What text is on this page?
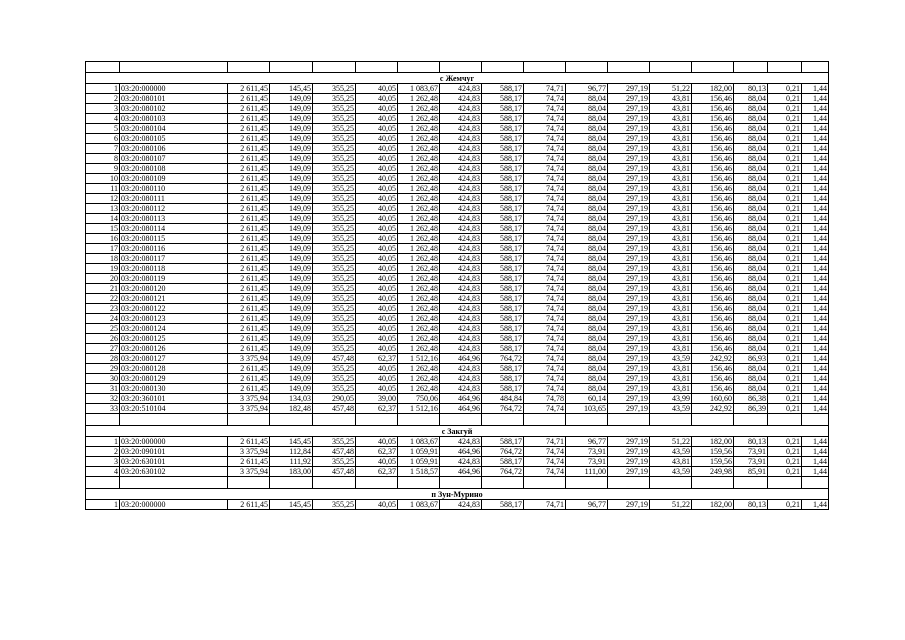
с Жемчуг																
1	03:20:000000	2 611,45	145,45	355,25	40,05	1 083,67	424,83	588,17	74,71	96,77	297,19	51,22	182,00	80,13	0,21	1,44
2	03:20:080101	2 611,45	149,09	355,25	40,05	1 262,48	424,83	588,17	74,74	88,04	297,19	43,81	156,46	88,04	0,21	1,44
3	03:20:080102	2 611,45	149,09	355,25	40,05	1 262,48	424,83	588,17	74,74	88,04	297,19	43,81	156,46	88,04	0,21	1,44
4	03:20:080103	2 611,45	149,09	355,25	40,05	1 262,48	424,83	588,17	74,74	88,04	297,19	43,81	156,46	88,04	0,21	1,44
5	03:20:080104	2 611,45	149,09	355,25	40,05	1 262,48	424,83	588,17	74,74	88,04	297,19	43,81	156,46	88,04	0,21	1,44
6	03:20:080105	2 611,45	149,09	355,25	40,05	1 262,48	424,83	588,17	74,74	88,04	297,19	43,81	156,46	88,04	0,21	1,44
7	03:20:080106	2 611,45	149,09	355,25	40,05	1 262,48	424,83	588,17	74,74	88,04	297,19	43,81	156,46	88,04	0,21	1,44
8	03:20:080107	2 611,45	149,09	355,25	40,05	1 262,48	424,83	588,17	74,74	88,04	297,19	43,81	156,46	88,04	0,21	1,44
9	03:20:080108	2 611,45	149,09	355,25	40,05	1 262,48	424,83	588,17	74,74	88,04	297,19	43,81	156,46	88,04	0,21	1,44
10	03:20:080109	2 611,45	149,09	355,25	40,05	1 262,48	424,83	588,17	74,74	88,04	297,19	43,81	156,46	88,04	0,21	1,44
11	03:20:080110	2 611,45	149,09	355,25	40,05	1 262,48	424,83	588,17	74,74	88,04	297,19	43,81	156,46	88,04	0,21	1,44
12	03:20:080111	2 611,45	149,09	355,25	40,05	1 262,48	424,83	588,17	74,74	88,04	297,19	43,81	156,46	88,04	0,21	1,44
13	03:20:080112	2 611,45	149,09	355,25	40,05	1 262,48	424,83	588,17	74,74	88,04	297,19	43,81	156,46	88,04	0,21	1,44
14	03:20:080113	2 611,45	149,09	355,25	40,05	1 262,48	424,83	588,17	74,74	88,04	297,19	43,81	156,46	88,04	0,21	1,44
15	03:20:080114	2 611,45	149,09	355,25	40,05	1 262,48	424,83	588,17	74,74	88,04	297,19	43,81	156,46	88,04	0,21	1,44
16	03:20:080115	2 611,45	149,09	355,25	40,05	1 262,48	424,83	588,17	74,74	88,04	297,19	43,81	156,46	88,04	0,21	1,44
17	03:20:080116	2 611,45	149,09	355,25	40,05	1 262,48	424,83	588,17	74,74	88,04	297,19	43,81	156,46	88,04	0,21	1,44
18	03:20:080117	2 611,45	149,09	355,25	40,05	1 262,48	424,83	588,17	74,74	88,04	297,19	43,81	156,46	88,04	0,21	1,44
19	03:20:080118	2 611,45	149,09	355,25	40,05	1 262,48	424,83	588,17	74,74	88,04	297,19	43,81	156,46	88,04	0,21	1,44
20	03:20:080119	2 611,45	149,09	355,25	40,05	1 262,48	424,83	588,17	74,74	88,04	297,19	43,81	156,46	88,04	0,21	1,44
21	03:20:080120	2 611,45	149,09	355,25	40,05	1 262,48	424,83	588,17	74,74	88,04	297,19	43,81	156,46	88,04	0,21	1,44
22	03:20:080121	2 611,45	149,09	355,25	40,05	1 262,48	424,83	588,17	74,74	88,04	297,19	43,81	156,46	88,04	0,21	1,44
23	03:20:080122	2 611,45	149,09	355,25	40,05	1 262,48	424,83	588,17	74,74	88,04	297,19	43,81	156,46	88,04	0,21	1,44
24	03:20:080123	2 611,45	149,09	355,25	40,05	1 262,48	424,83	588,17	74,74	88,04	297,19	43,81	156,46	88,04	0,21	1,44
25	03:20:080124	2 611,45	149,09	355,25	40,05	1 262,48	424,83	588,17	74,74	88,04	297,19	43,81	156,46	88,04	0,21	1,44
26	03:20:080125	2 611,45	149,09	355,25	40,05	1 262,48	424,83	588,17	74,74	88,04	297,19	43,81	156,46	88,04	0,21	1,44
27	03:20:080126	2 611,45	149,09	355,25	40,05	1 262,48	424,83	588,17	74,74	88,04	297,19	43,81	156,46	88,04	0,21	1,44
28	03:20:080127	3 375,94	149,09	457,48	62,37	1 512,16	464,96	764,72	74,74	88,04	297,19	43,59	242,92	86,93	0,21	1,44
29	03:20:080128	2 611,45	149,09	355,25	40,05	1 262,48	424,83	588,17	74,74	88,04	297,19	43,81	156,46	88,04	0,21	1,44
30	03:20:080129	2 611,45	149,09	355,25	40,05	1 262,48	424,83	588,17	74,74	88,04	297,19	43,81	156,46	88,04	0,21	1,44
31	03:20:080130	2 611,45	149,09	355,25	40,05	1 262,48	424,83	588,17	74,74	88,04	297,19	43,81	156,46	88,04	0,21	1,44
32	03:20:360101	3 375,94	134,03	290,05	39,00	750,06	464,96	484,84	74,78	60,14	297,19	43,99	160,60	86,38	0,21	1,44
33	03:20:510104	3 375,94	182,48	457,48	62,37	1 512,16	464,96	764,72	74,74	103,65	297,19	43,59	242,92	86,39	0,21	1,44

с Закгуй																
1	03:20:000000	2 611,45	145,45	355,25	40,05	1 083,67	424,83	588,17	74,71	96,77	297,19	51,22	182,00	80,13	0,21	1,44
2	03:20:090101	3 375,94	112,84	457,48	62,37	1 059,91	464,96	764,72	74,74	73,91	297,19	43,59	159,56	73,91	0,21	1,44
3	03:20:630101	2 611,45	111,92	355,25	40,05	1 059,91	424,83	588,17	74,74	73,91	297,19	43,81	159,56	73,91	0,21	1,44
4	03:20:630102	3 375,94	183,00	457,48	62,37	1 518,57	464,96	764,72	74,74	111,00	297,19	43,59	249,98	85,91	0,21	1,44

п Зун-Мурино																
1	03:20:000000	2 611,45	145,45	355,25	40,05	1 083,67	424,83	588,17	74,71	96,77	297,19	51,22	182,00	80,13	0,21	1,44
